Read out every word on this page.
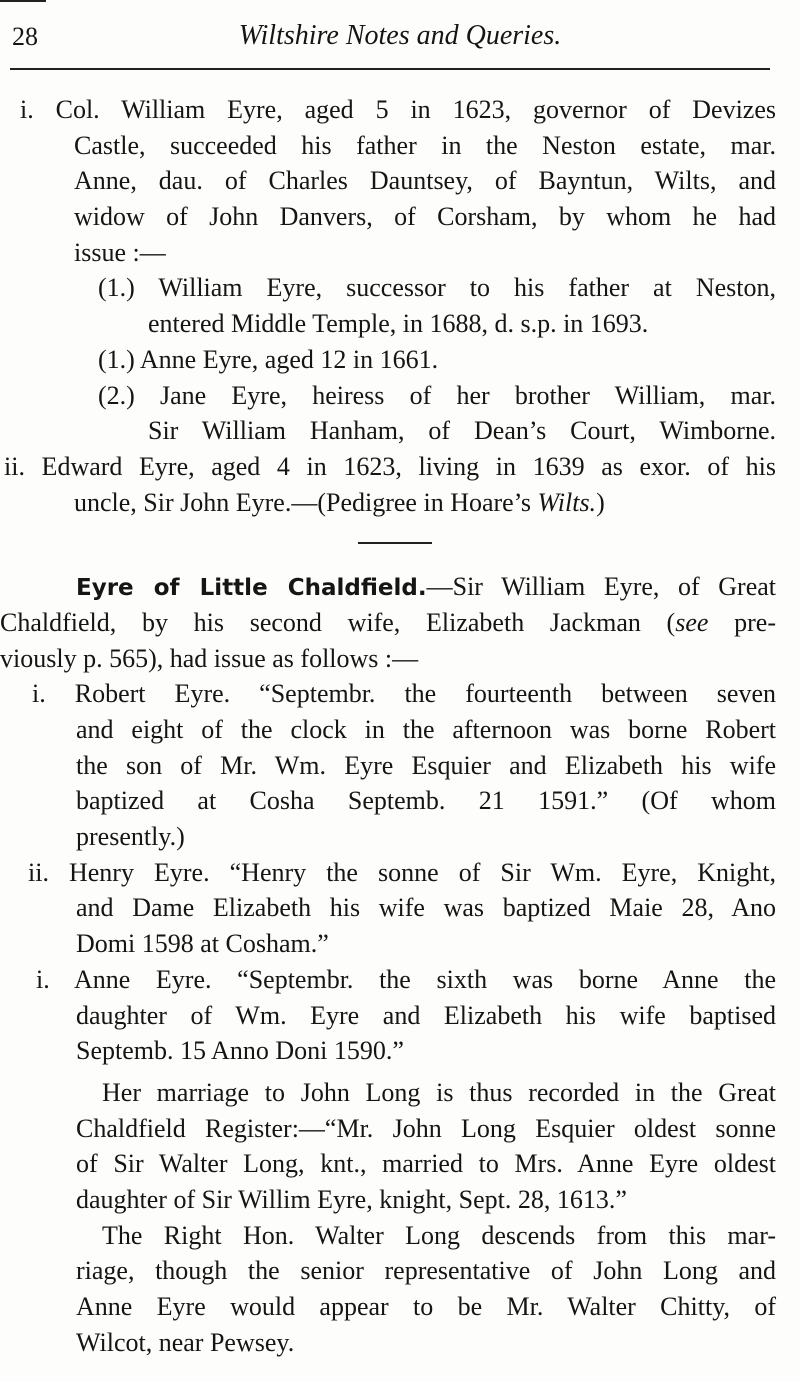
28	Wiltshire Notes and Queries.
i. Col. William Eyre, aged 5 in 1623, governor of Devizes
Castle, succeeded his father in the Neston estate, mar.
Anne, dau. of Charles Dauntsey, of Bayntun, Wilts, and
widow of John Danvers, of Corsham, by whom he had
issue :—
(1.) William Eyre, successor to his father at Neston,
entered Middle Temple, in 1688, d. s.p. in 1693.
(1.) Anne Eyre, aged 12 in 1661.
(2.) Jane Eyre, heiress of her brother William, mar.
Sir William Hanham, of Dean’s Court, Wimborne.
ii. Edward Eyre, aged 4 in 1623, living in 1639 as exor. of his
uncle, Sir John Eyre.—(Pedigree in Hoare’s Wilts.)
Eyre of Little Chaldfield.—Sir William Eyre, of Great
Chaldfield, by his second wife, Elizabeth Jackman (see pre-
viously p. 565), had issue as follows :—
i. Robert Eyre. “Septembr. the fourteenth between seven
and eight of the clock in the afternoon was borne Robert
the son of Mr. Wm. Eyre Esquier and Elizabeth his wife
baptized at Cosha Septemb. 21 1591.” (Of whom
presently.)
ii. Henry Eyre. “Henry the sonne of Sir Wm. Eyre, Knight,
and Dame Elizabeth his wife was baptized Maie 28, Ano
Domi 1598 at Cosham.”
i. Anne Eyre. “Septembr. the sixth was borne Anne the
daughter of Wm. Eyre and Elizabeth his wife baptised
Septemb. 15 Anno Doni 1590.”
Her marriage to John Long is thus recorded in the Great
Chaldfield Register:—“Mr. John Long Esquier oldest sonne
of Sir Walter Long, knt., married to Mrs. Anne Eyre oldest
daughter of Sir Willim Eyre, knight, Sept. 28, 1613.”
The Right Hon. Walter Long descends from this mar-
riage, though the senior representative of John Long and
Anne Eyre would appear to be Mr. Walter Chitty, of
Wilcot, near Pewsey.
